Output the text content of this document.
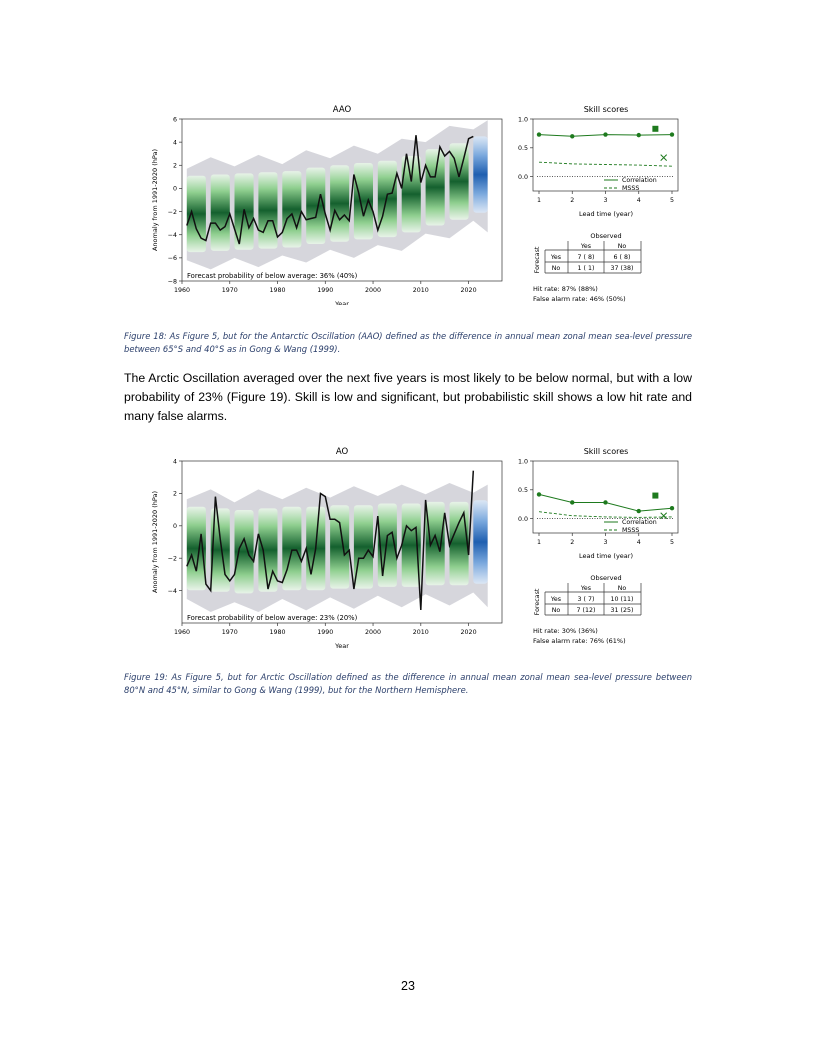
AAO
6
4
2
0
−2
−4
−6
−8
1960	1970	1980	1990	2000	2010	2020
Anomaly from 1991-2020 (hPa)
Year
Forecast probability of below average: 36% (40%)
Skill scores
1.0
0.5
0.0
1	2	3	4	5
Correlation
MSSS
Lead time (year)
Observed
Forecast
Yes	No
Yes
No
7 ( 8)	6 ( 8)
1 ( 1)	37 (38)
Hit rate: 87% (88%)
False alarm rate: 46% (50%)
Figure 18: As Figure 5, but for the Antarctic Oscillation (AAO) defined as the difference in annual mean zonal mean sea-level pressure between 65°S and 40°S as in Gong & Wang (1999).
The Arctic Oscillation averaged over the next five years is most likely to be below normal, but with a low probability of 23% (Figure 19). Skill is low and significant, but probabilistic skill shows a low hit rate and many false alarms.
AO
4
2
0
−2
−4
1960	1970	1980	1990	2000	2010	2020
Anomaly from 1991-2020 (hPa)
Year
Forecast probability of below average: 23% (20%)
Skill scores
1.0
0.5
0.0
1	2	3	4	5
Correlation
MSSS
Lead time (year)
Observed
Forecast
Yes	No
Yes
No
3 ( 7)	10 (11)
7 (12) 31 (25)
Hit rate: 30% (36%)
False alarm rate: 76% (61%)
Figure 19: As Figure 5, but for Arctic Oscillation defined as the difference in annual mean zonal mean sea-level pressure between 80°N and 45°N, similar to Gong & Wang (1999), but for the Northern Hemisphere.
23
